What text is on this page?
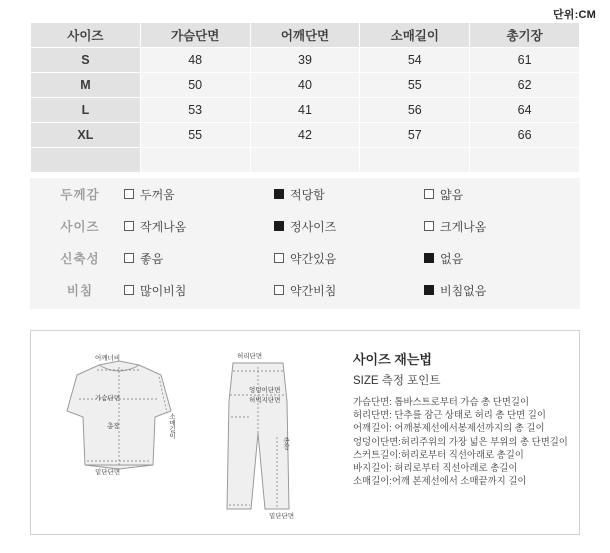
단위:CM
사이즈	가슴단면	어깨단면	소매길이	총기장
S	48	39	54	61
M	50	40	55	62
L	53	41	56	64
XL	55	42	57	66

두께감	두꺼움	적당함	얇음
사이즈	작게나옴	정사이즈	크게나옴
신축성	좋음	약간있음	없음
비침	많이비침	약간비침	비침없음
어깨너비
가슴단면
총장	소매길이
밑단단면
허리단면
밑단단면
엉덩이단면
허벅지단면
총장
사이즈 재는법
SIZE 측정 포인트
가슴단면: 톱바스트로부터 가슴 총 단면길이
허리단면: 단추를 잠근 상태로 허리 총 단면 길이
어깨길이: 어깨봉제선에서봉제선까지의 총 길이
엉덩이단면:허리주위의 가장 넒은 부위의 총 단면길이
스커트길이:허리로부터 직선아래로 총길이
바지길이: 허리로부터 직선아래로 총길이
소매길이:어깨 본제선에서 소매끝까지 길이
